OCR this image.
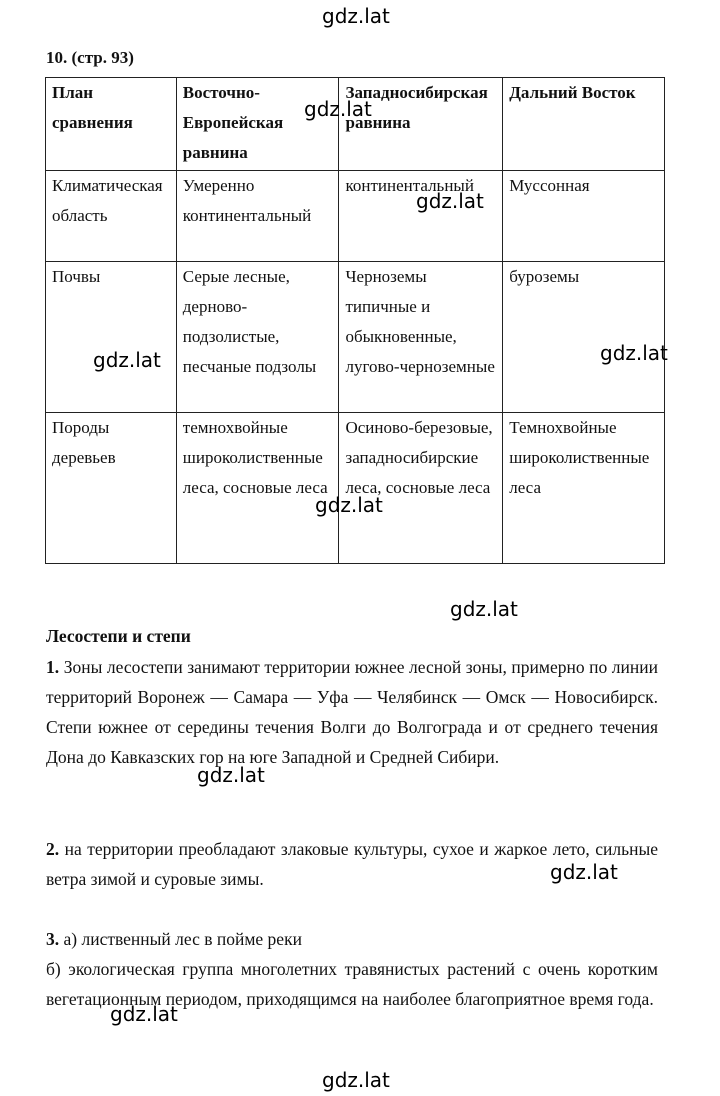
gdz.lat
10. (стр. 93)
План сравнения	Восточно-Европейская равнина	Западносибирская равнина	Дальний Восток
Климатическая область	Умеренно континентальный	континентальный	Муссонная
Почвы	Серые лесные, дерново-подзолистые, песчаные подзолы	Черноземы типичные и обыкновенные, лугово-черноземные	буроземы
Породы деревьев	темнохвойные широколиственные леса, сосновые леса	Осиново-березовые, западносибирские леса, сосновые леса	Темнохвойные широколиственные леса
gdz.lat
gdz.lat
gdz.lat	gdz.lat
gdz.lat
gdz.lat
Лесостепи и степи
1. Зоны лесостепи занимают территории южнее лесной зоны, примерно по линии территорий Воронеж — Самара — Уфа — Челябинск — Омск — Новосибирск. Степи южнее от середины течения Волги до Волгограда и от среднего течения Дона до Кавказских гор на юге Западной и Средней Сибири.
gdz.lat
2. на территории преобладают злаковые культуры, сухое и жаркое лето, сильные ветра зимой и суровые зимы.	gdz.lat
3. а) лиственный лес в пойме реки
б) экологическая группа многолетних травянистых растений с очень коротким вегетационным периодом, приходящимся на наиболее благоприятное время года.
gdz.lat
gdz.lat
